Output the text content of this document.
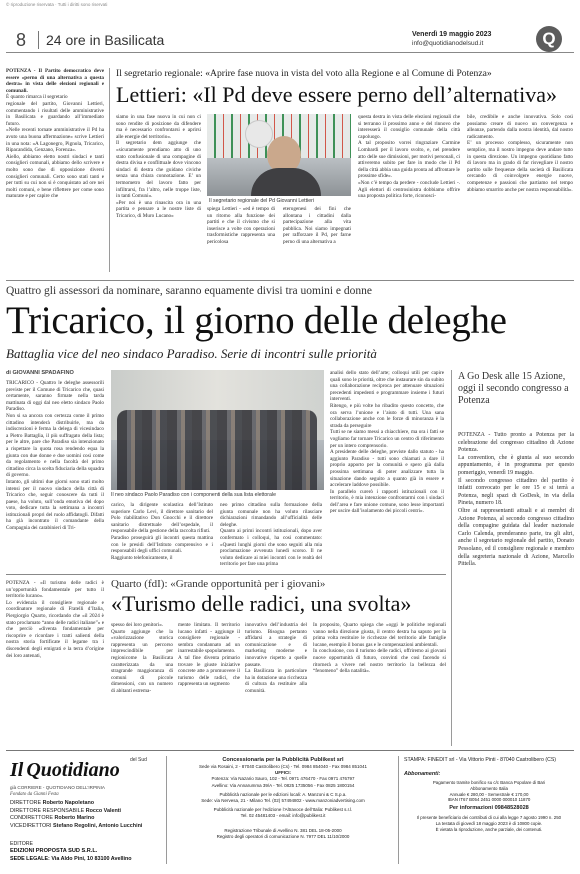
© riproduzione riservata · Tutti i diritti sono riservati
8 24 ore in Basilicata	Venerdì 19 maggio 2023
info@quotidianodelsud.it	Q
POTENZA - Il Partito democratico deve essere «perno di una alternativa a questa destra» in vista delle elezioni regionali e comunali.
È quanto rimarca il segretario
regionale del partito, Giovanni Lettieri, commentando i risultati delle amministrative in Basilicata e guardando all’immediato futuro.
«Nelle recenti tornate amministrative il Pd ha avuto una buona affermazione» scrive Lettieri in una nota: «A Lagonegro, Pignola, Tricarico, Ripacandida, Genzano, Forenza».
Aiello, abbiamo eletto nostri sindaci e tanti consiglieri comunali, abbiamo dello scrivere e molto sono due di opposizione diversi consiglieri comunali. Certo sono stati tanti e per tutti su cui non si è conquistato ad ore nei molti comuni, e bene riflettere per come sono maturate e per capire che
Il segretario regionale: «Aprire fase nuova in vista del voto alla Regione e al Comune di Potenza»
Lettieri: «Il Pd deve essere perno dell’alternativa»
siamo in una fase nuova in cui non ci sono rendite di posizione da difendere ma è necessario confrontarsi e aprirsi alle energie del territorio».
Il segretario dem aggiunge che «sicuramente prendiamo atto di uno stato confusionale di una compagine di destra divisa e conflittuale dove vincono sindaci di destra che guidano civiche senza una chiara connotazione. E’ un termometro del lavoro fatto per infiltrarsi, fra l’altro, nelle troppe liste, in tanti Comuni».
«Per noi è una rinascita ora in una partita e pensare a le nostre liste di Tricarico, di Muro Lucano»
Il segretario regionale del Pd Giovanni Lettieri
spiega Lettieri - «ed è tempo di un ritorno alla funzione dei partiti e che il civismo che si inserisce a volte con operazioni trasformistiche rappresenta una pericolosa
eterogenesi dei fini che allontana i cittadini dalla partecipazione alla vita pubblica. Noi siamo impegnati per rafforzare il Pd, per farne perno di una alternativa a
questa destra in vista delle elezioni regionali che si terranno il prossimo anno e del rinnovo che interesserà il consiglio comunale della città capoluogo.
A tal proposito vorrei ringraziare Carmine Lombardi per il lavoro svolto, e, nel prendere atto delle sue dimissioni, per motivi personali, ci attiveremo subito per fare in modo che il Pd della città abbia una guida pronta ad affrontare le prossime sfide».
«Non c’è tempo da perdere - conclude Lettieri -. Agli elettori di centrosinistra dobbiamo offrire una proposta politica forte, riconosci-
bile, credibile e anche innovativa. Solo così possiamo creare di nuovo un convergenza e alleanze, partendo dalla nostra identità, dal nostro radicamento.
E’ un processo complesso, sicuramente non semplice, ma il nostro impegno deve andare tutto in questa direzione. Un impegno quotidiano fatto di lavoro ma in grado di far risvegliare il nostro partito sulle frequenze della società di Basilicata cercando di coinvolgere energie nuove, competenze e passioni che partiamo nel tempo abbiamo smarrito anche per nostra responsabilità».
Quattro gli assessori da nominare, saranno equamente divisi tra uomini e donne
Tricarico, il giorno delle deleghe
Battaglia vice del neo sindaco Paradiso. Serie di incontri sulle priorità
di GIOVANNI SPADAFINO
TRICARICO - Quattro le deleghe assessorili previste per il Comune di Tricarico che, quasi certamente, saranno firmate nella tarda mattinata di oggi dal neo eletto sindaco Paolo Paradiso.
Non si sa ancora con certezza come il primo cittadino intenderà distribuirle, ma da indiscrezioni è ferma la delega di vicesindaco a Pietro Battaglia, il più suffragato della lista; per le altre, pare che Paradiso sia intenzionato a rispettare la quota rosa rendendo equa la giunta con due donne e due uomini così come da regolamento e nella facoltà del primo cittadino circa la scelta fiduciaria della squadra di governo.
Intanto, gli ultimi due giorni sono stati molto intensi per il nuovo sindaco della città di Tricarico che, seguir conoscere da tutti il paese, ha voluto, sull’onda emotiva del dopo voto, dedicare tutta la settimana a incontri istituzionali propri del ruolo affidatogli. Difatti ha già incontrato il comandante della Compagnia dei carabinieri di Tri-
Il neo sindaco Paolo Paradiso con i componenti della sua lista elettorale
carico, la dirigente scolastica dell’Istituto superiore Carlo Levi, il direttore sanitario del Polo riabilitativo Don Gnocchi e il direttore sanitario distrettuale dell’ospedale, il responsabile della gestione della raccolta rifiuti.
Paradiso proseguirà gli incontri questa mattina con le presidi dell’Istituto comprensivo e i responsabili degli uffici comunali.
Raggiunto telefonicamente, il
neo primo cittadino sulla formazione della giunta comunale non ha voluto rilasciare dichiarazioni rimandando all’ufficialità delle deleghe.
Quanto ai primi incontri istituzionali, dopo aver confermato i colloqui, ha così commentato: «Questi lunghi giorni che sono seguiti alla mia proclamazione avvenuta lunedì scorso. Il ne voluto dedicare ai miei incontri con le realtà del territorio per fare una prima
analisi dello stato dell’arte; colloqui utili per capire quali sono le priorità, oltre che instaurare sin da subito una collaborazione reciproca per attenuare situazioni precedenti impedenti e programmare insieme i futuri interventi.
Ritengo, e più volte ho ribadito questo concetto, che ora serva l’unione e l’aiuto di tutti. Una sana collaborazione anche con le forze di minoranza è la strada da perseguire
Tutti se ne siamo messi a chiacchiere, ma ora i fatti se vogliamo far tornare Tricarico un centro di riferimento per un intero comprensorio.
A presidente delle deleghe, previste dallo statuto - ha aggiunto Paradiso - tutti sono chiamati a dare il proprio apporto per la comunità e spero già dalla prossima settimana di poter analizzare tutta la situazione dando seguito a quanto già in essere e accelerare laddove possibile.
In parallelo curerò i rapporti istituzionali con il territorio, è mia intenzione confrontarmi con i sindaci dell’area e fare unione comune, sono lesse importanti per uscire dall’isolamento dei piccoli centri».
A Go Desk alle 15 Azione, oggi il secondo congresso a Potenza
POTENZA - Tutto pronto a Potenza per la celebrazione del congresso cittadino di Azione Potenza.
La convention, che è giunta al suo secondo appuntamento, è in programma per questo pomeriggio, venerdì 19 maggio.
Il secondo congresso cittadino del partito è infatti convocato per le ore 15 e si terrà a Potenza, negli spazi di GoDesk, in via della Pineta, numero 18.
Oltre ai rappresentanti attuali e ai membri di Azione Potenza, al secondo congresso cittadino della compagine guidata dal leader nazionale Carlo Calenda, prenderanno parte, tra gli altri, anche il segretario regionale del partito, Donato Pessolano, ed il consigliere regionale e membro della segreteria nazionale di Azione, Marcello Pittella.
POTENZA - «Il turismo delle radici è un’opportunità fondamentale per tutto il territorio lucano».
Lo evidenzia il consigliere regionale e coordinatore regionale di Fratelli d’Italia, Piergiorgio Quarto, ricordando che «il 2024 è stato proclamato “anno delle radici italiane”» e che perciò «diventa fondamentale per riscoprire e ricordare i tratti salienti della nostra storia fortificate il legame tra i discendenti degli emigrati e la terra d’origine dei loro antenati,
Quarto (fdI): «Grande opportunità per i giovani»
«Turismo delle radici, una svolta»
spesso dei loro genitori».
Quarto aggiunge che la «valorizzazione storica rappresenta un percorso imprescindibile per regionicome la Basilicata caratterizzata da una stragrande maggioranza di comuni di piccole dimensioni, con un numero di abitanti estrema-
mente limitato. Il territorio lucano infatti - aggiunge il consigliere regionale - sembra condannato ad un inarrestabile spopolamento.
A tal fine diventa primario trovare le giuste iniziative concrete atte a promuovere il turismo delle radici, che rappresenta un segmento
innovativo dell’industria del turismo. Bisogna pertanto affidarsi a strategie di comunicazione e di marketing moderne e innovative rispetto a quelle passate.
La Basilicata in particolare ha in dotazione una ricchezza di cultura da restituire alla comunità.
In proposito, Quarto spiega che «oggi le politiche regionali vanno nella direzione giusta, il centro destra ha saputo per la prima volta restituire le ricchezze del territorio alle famiglie lucane, esempio il bonus gas e le compensazioni ambientali.
In conclusione, con il turismo delle radici, offriremo ai giovani nuove opportunità di futuro, convinti che così facendo si ritornerà a vivere nel nostro territorio la bellezza del “fenomeno” della natalità».
Il Quotidiano del Sud
già CORRIERE - QUOTIDIANO DELL’IRPINIA
Fondato da Gianni Festa
DIRETTORE Roberto Napoletano
DIRETTORE RESPONSABILE Rocco Valenti
CONDIRETTORE Roberto Marino
VICEDIRETTORI Stefano Regolini, Antonio Lucchini
EDITORE
EDIZIONI PROPOSTA SUD S.R.L.
SEDE LEGALE: Via Aldo Pini, 10 83100 Avellino
Concessionaria per la Pubblicità Publikest srl
Sede via Rosaini, 2 - 87040 Castrolibero (Cs) - Tel. 0984 854040 - Fax 0984 851041
UFFICI:
Potenza: Via Nazario Sauro, 102 - Tel. 0971 476470 - Fax 0971 476797
Avellino: Via Annarumma 39/A - Tel. 0825 1735056 - Fax 0825 1800154
Pubblicità nazionale per le edizioni locali: A. Manzoni & C S.p.a.
Sede: via Nervesa, 21 - Milano Tel. (02) 57494802 - www.manzoniadvertising.com
Pubblicità nazionale per l’edizione l’Altravoce dell’Italia: Publikest s.r.l.
Tel. 02 45481403 - email: info@publikest.it
Registrazione Tribunale di Avellino N. 381 DEL 18-05-2000
Registro degli operatori di comunicazione N. 7977 DEL 11/10/2000
STAMPA: FINEDIT srl - Via Vittorio Pinti - 87040 Castrolibero (CS)
Abbonamenti:
Pagamento tramite bonifico su c/c Banca Popolare di Bari
Abbonamento Italia
Annuale € 280,00 - Semestrale € 170,00
IBAN IT67 B054 2451 0000 000010 11870
Per informazioni 09848528028
Il presente beneficiario dei contributi di cui alla legge 7 agosto 1990 n. 250
La testata di giovedì 18 maggio 2023 è di 10800 copie.
È vietata la riproduzione, anche parziale, dei contenuti.
